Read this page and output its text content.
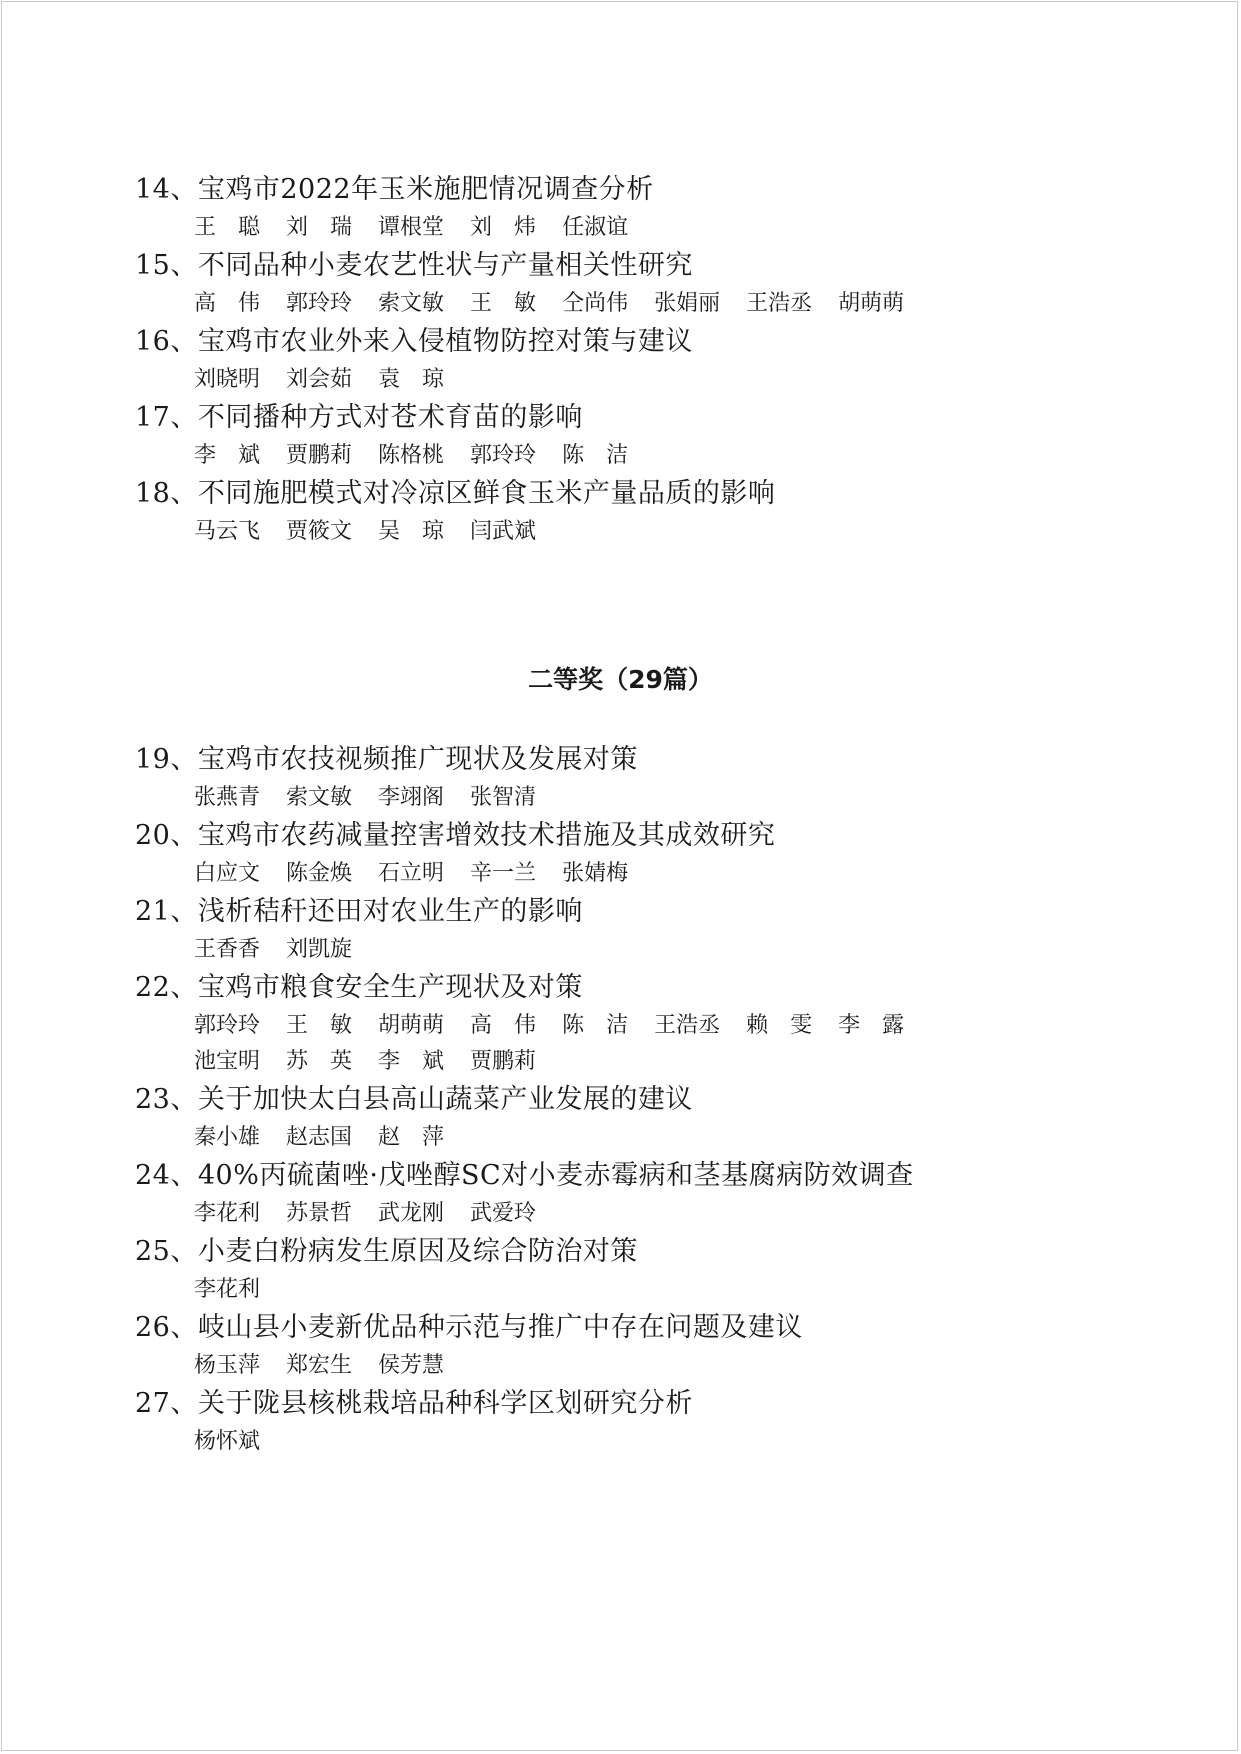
14、宝鸡市2022年玉米施肥情况调查分析
王　聪 刘　瑞 谭根堂 刘　炜 任淑谊
15、不同品种小麦农艺性状与产量相关性研究
高　伟 郭玲玲 索文敏 王　敏 仝尚伟 张娟丽 王浩丞 胡萌萌
16、宝鸡市农业外来入侵植物防控对策与建议
刘晓明 刘会茹 袁　琼
17、不同播种方式对苍术育苗的影响
李　斌 贾鹏莉 陈格桃 郭玲玲 陈　洁
18、不同施肥模式对冷凉区鲜食玉米产量品质的影响
马云飞 贾筱文 吴　琼 闫武斌
二等奖（29篇）
19、宝鸡市农技视频推广现状及发展对策
张燕青 索文敏 李翊阁 张智清
20、宝鸡市农药减量控害增效技术措施及其成效研究
白应文 陈金焕 石立明 辛一兰 张婧梅
21、浅析秸秆还田对农业生产的影响
王香香 刘凯旋
22、宝鸡市粮食安全生产现状及对策
郭玲玲 王　敏 胡萌萌 高　伟 陈　洁 王浩丞 赖　雯 李　露
池宝明 苏　英 李　斌 贾鹏莉
23、关于加快太白县高山蔬菜产业发展的建议
秦小雄 赵志国 赵　萍
24、40%丙硫菌唑·戊唑醇SC对小麦赤霉病和茎基腐病防效调查
李花利 苏景哲 武龙刚 武爱玲
25、小麦白粉病发生原因及综合防治对策
李花利
26、岐山县小麦新优品种示范与推广中存在问题及建议
杨玉萍 郑宏生 侯芳慧
27、关于陇县核桃栽培品种科学区划研究分析
杨怀斌
